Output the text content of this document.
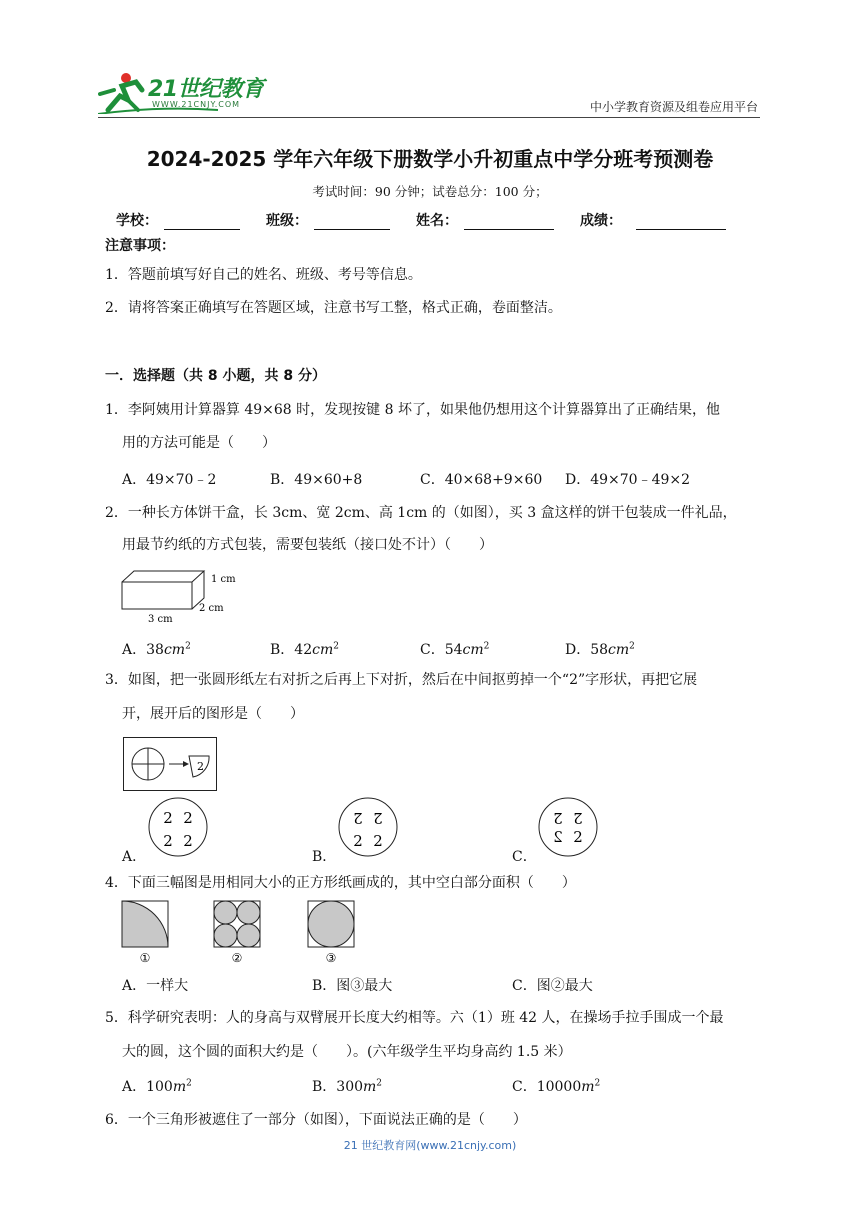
21世纪教育
WWW.21CNJY.COM	中小学教育资源及组卷应用平台
2024-2025 学年六年级下册数学小升初重点中学分班考预测卷
考试时间：90 分钟；试卷总分：100 分；
学校：	班级：	姓名：	成绩：
注意事项：
1．答题前填写好自己的姓名、班级、考号等信息。
2．请将答案正确填写在答题区域，注意书写工整，格式正确，卷面整洁。
一．选择题（共 8 小题，共 8 分）
1．李阿姨用计算器算 49×68 时，发现按键 8 坏了，如果他仍想用这个计算器算出了正确结果，他
用的方法可能是（　　）
A．49×70﹣2	B．49×60+8	C．40×68+9×60 D．49×70﹣49×2
2．一种长方体饼干盒，长 3cm、宽 2cm、高 1cm 的（如图），买 3 盒这样的饼干包装成一件礼品，
用最节约纸的方式包装，需要包装纸（接口处不计）（　　）
1 cm
2 cm
3 cm
A．$38cm^2$	B．$42cm^2$	C．$54cm^2$	D．$58cm^2$
3．如图，把一张圆形纸左右对折之后再上下对折，然后在中间抠剪掉一个“2”字形状，再把它展
开，展开后的图形是（　　）
2
2 2
2 2
A．
2 2
2 2
B．
2 2
2 2
C．
4．下面三幅图是用相同大小的正方形纸画成的，其中空白部分面积（　　）
①	②	③
A．一样大	B．图③最大	C．图②最大
5．科学研究表明：人的身高与双臂展开长度大约相等。六（1）班 42 人，在操场手拉手围成一个最
大的圆，这个圆的面积大约是（　　）。(六年级学生平均身高约 1.5 米）
A．$100m^2$	B．$300m^2$	C．$10000m^2$
6．一个三角形被遮住了一部分（如图），下面说法正确的是（　　）
21 世纪教育网(www.21cnjy.com)
